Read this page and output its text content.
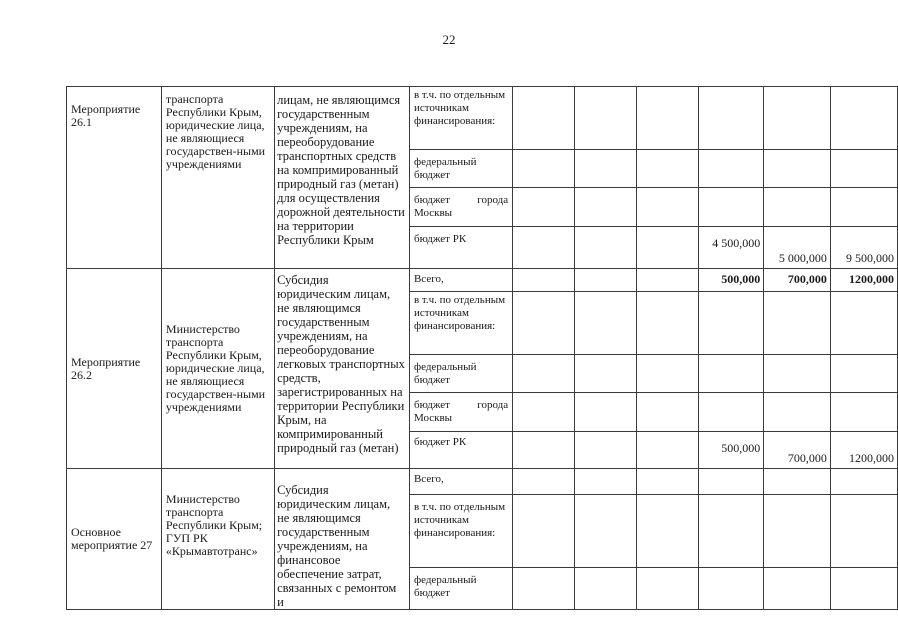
22
Мероприятие 26.1	транспорта Республики Крым, юридические лица, не являющиеся государствен-ными учреждениями	лицам, не являющимся государственным учреждениям, на переоборудование транспортных средств на компримированный природный газ (метан) для осуществления дорожной деятельности на территории Республики Крым	в т.ч. по отдельным источникам финансирования:						

			федеральный бюджет						

			бюджет города
Москвы						

			бюджет РК				4 500,000	5 000,000	9 500,000

Мероприятие 26.2	Министерство транспорта Республики Крым, юридические лица, не являющиеся государствен-ными учреждениями	Субсидия юридическим лицам, не являющимся государственным учреждениям, на переоборудование легковых транспортных средств, зарегистрированных на территории Республики Крым, на компримированный природный газ (метан)	Всего,				500,000	700,000	1200,000

			в т.ч. по отдельным источникам финансирования:						

			федеральный бюджет						

			бюджет города
Москвы						

			бюджет РК				500,000	700,000	1200,000

Основное мероприятие 27	Министерство транспорта Республики Крым; ГУП РК «Крымавтотранс»	Субсидия юридическим лицам, не являющимся государственным учреждениям, на финансовое обеспечение затрат, связанных с ремонтом и	Всего,						

			в т.ч. по отдельным источникам финансирования:						

			федеральный бюджет						
